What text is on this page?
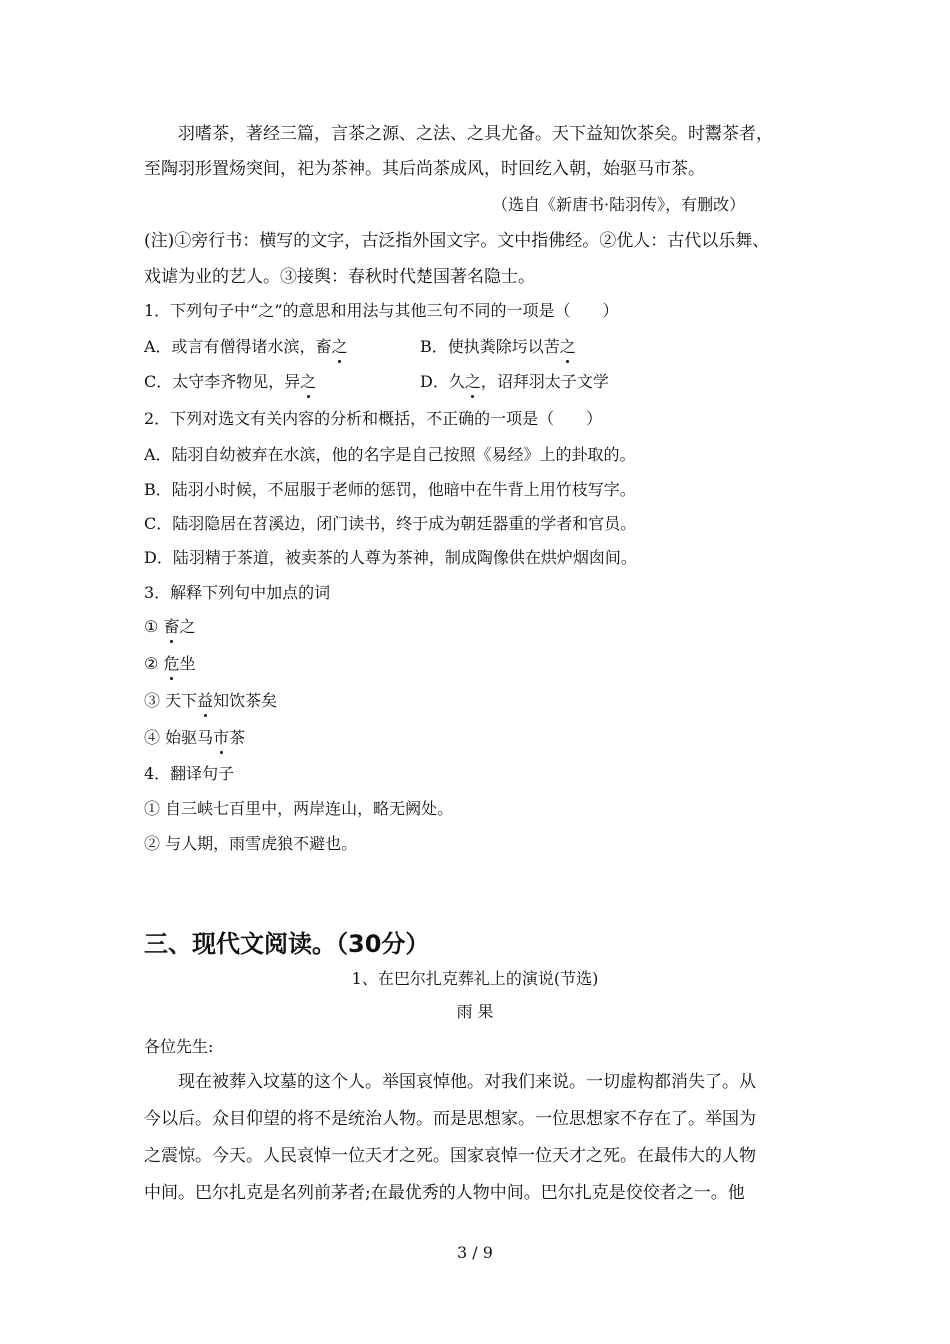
羽嗜茶，著经三篇，言茶之源、之法、之具尤备。天下益知饮茶矣。时鬻茶者，
至陶羽形置炀突间，祀为茶神。其后尚茶成风，时回纥入朝，始驱马市茶。
（选自《新唐书·陆羽传》，有删改）
(注)①旁行书：横写的文字，古泛指外国文字。文中指佛经。②优人：古代以乐舞、
戏谑为业的艺人。③接舆：春秋时代楚国著名隐士。
1．下列句子中“之”的意思和用法与其他三句不同的一项是（　　）
A．或言有僧得诸水滨，畜之	B．使执粪除圬以苦之
C．太守李齐物见，异之	D．久之，诏拜羽太子文学
2．下列对选文有关内容的分析和概括，不正确的一项是（　　）
A．陆羽自幼被弃在水滨，他的名字是自己按照《易经》上的卦取的。
B．陆羽小时候，不屈服于老师的惩罚，他暗中在牛背上用竹枝写字。
C．陆羽隐居在苕溪边，闭门读书，终于成为朝廷器重的学者和官员。
D．陆羽精于茶道，被卖茶的人尊为茶神，制成陶像供在烘炉烟囱间。
3．解释下列句中加点的词
① 畜之
② 危坐
③ 天下益知饮茶矣
④ 始驱马市茶
4．翻译句子
① 自三峡七百里中，两岸连山，略无阙处。
② 与人期，雨雪虎狼不避也。
三、现代文阅读。（30分）
1、在巴尔扎克葬礼上的演说(节选)
雨 果
各位先生:
现在被葬入坟墓的这个人。举国哀悼他。对我们来说。一切虚构都消失了。从
今以后。众目仰望的将不是统治人物。而是思想家。一位思想家不存在了。举国为
之震惊。今天。人民哀悼一位天才之死。国家哀悼一位天才之死。在最伟大的人物
中间。巴尔扎克是名列前茅者;在最优秀的人物中间。巴尔扎克是佼佼者之一。他
3 / 9
